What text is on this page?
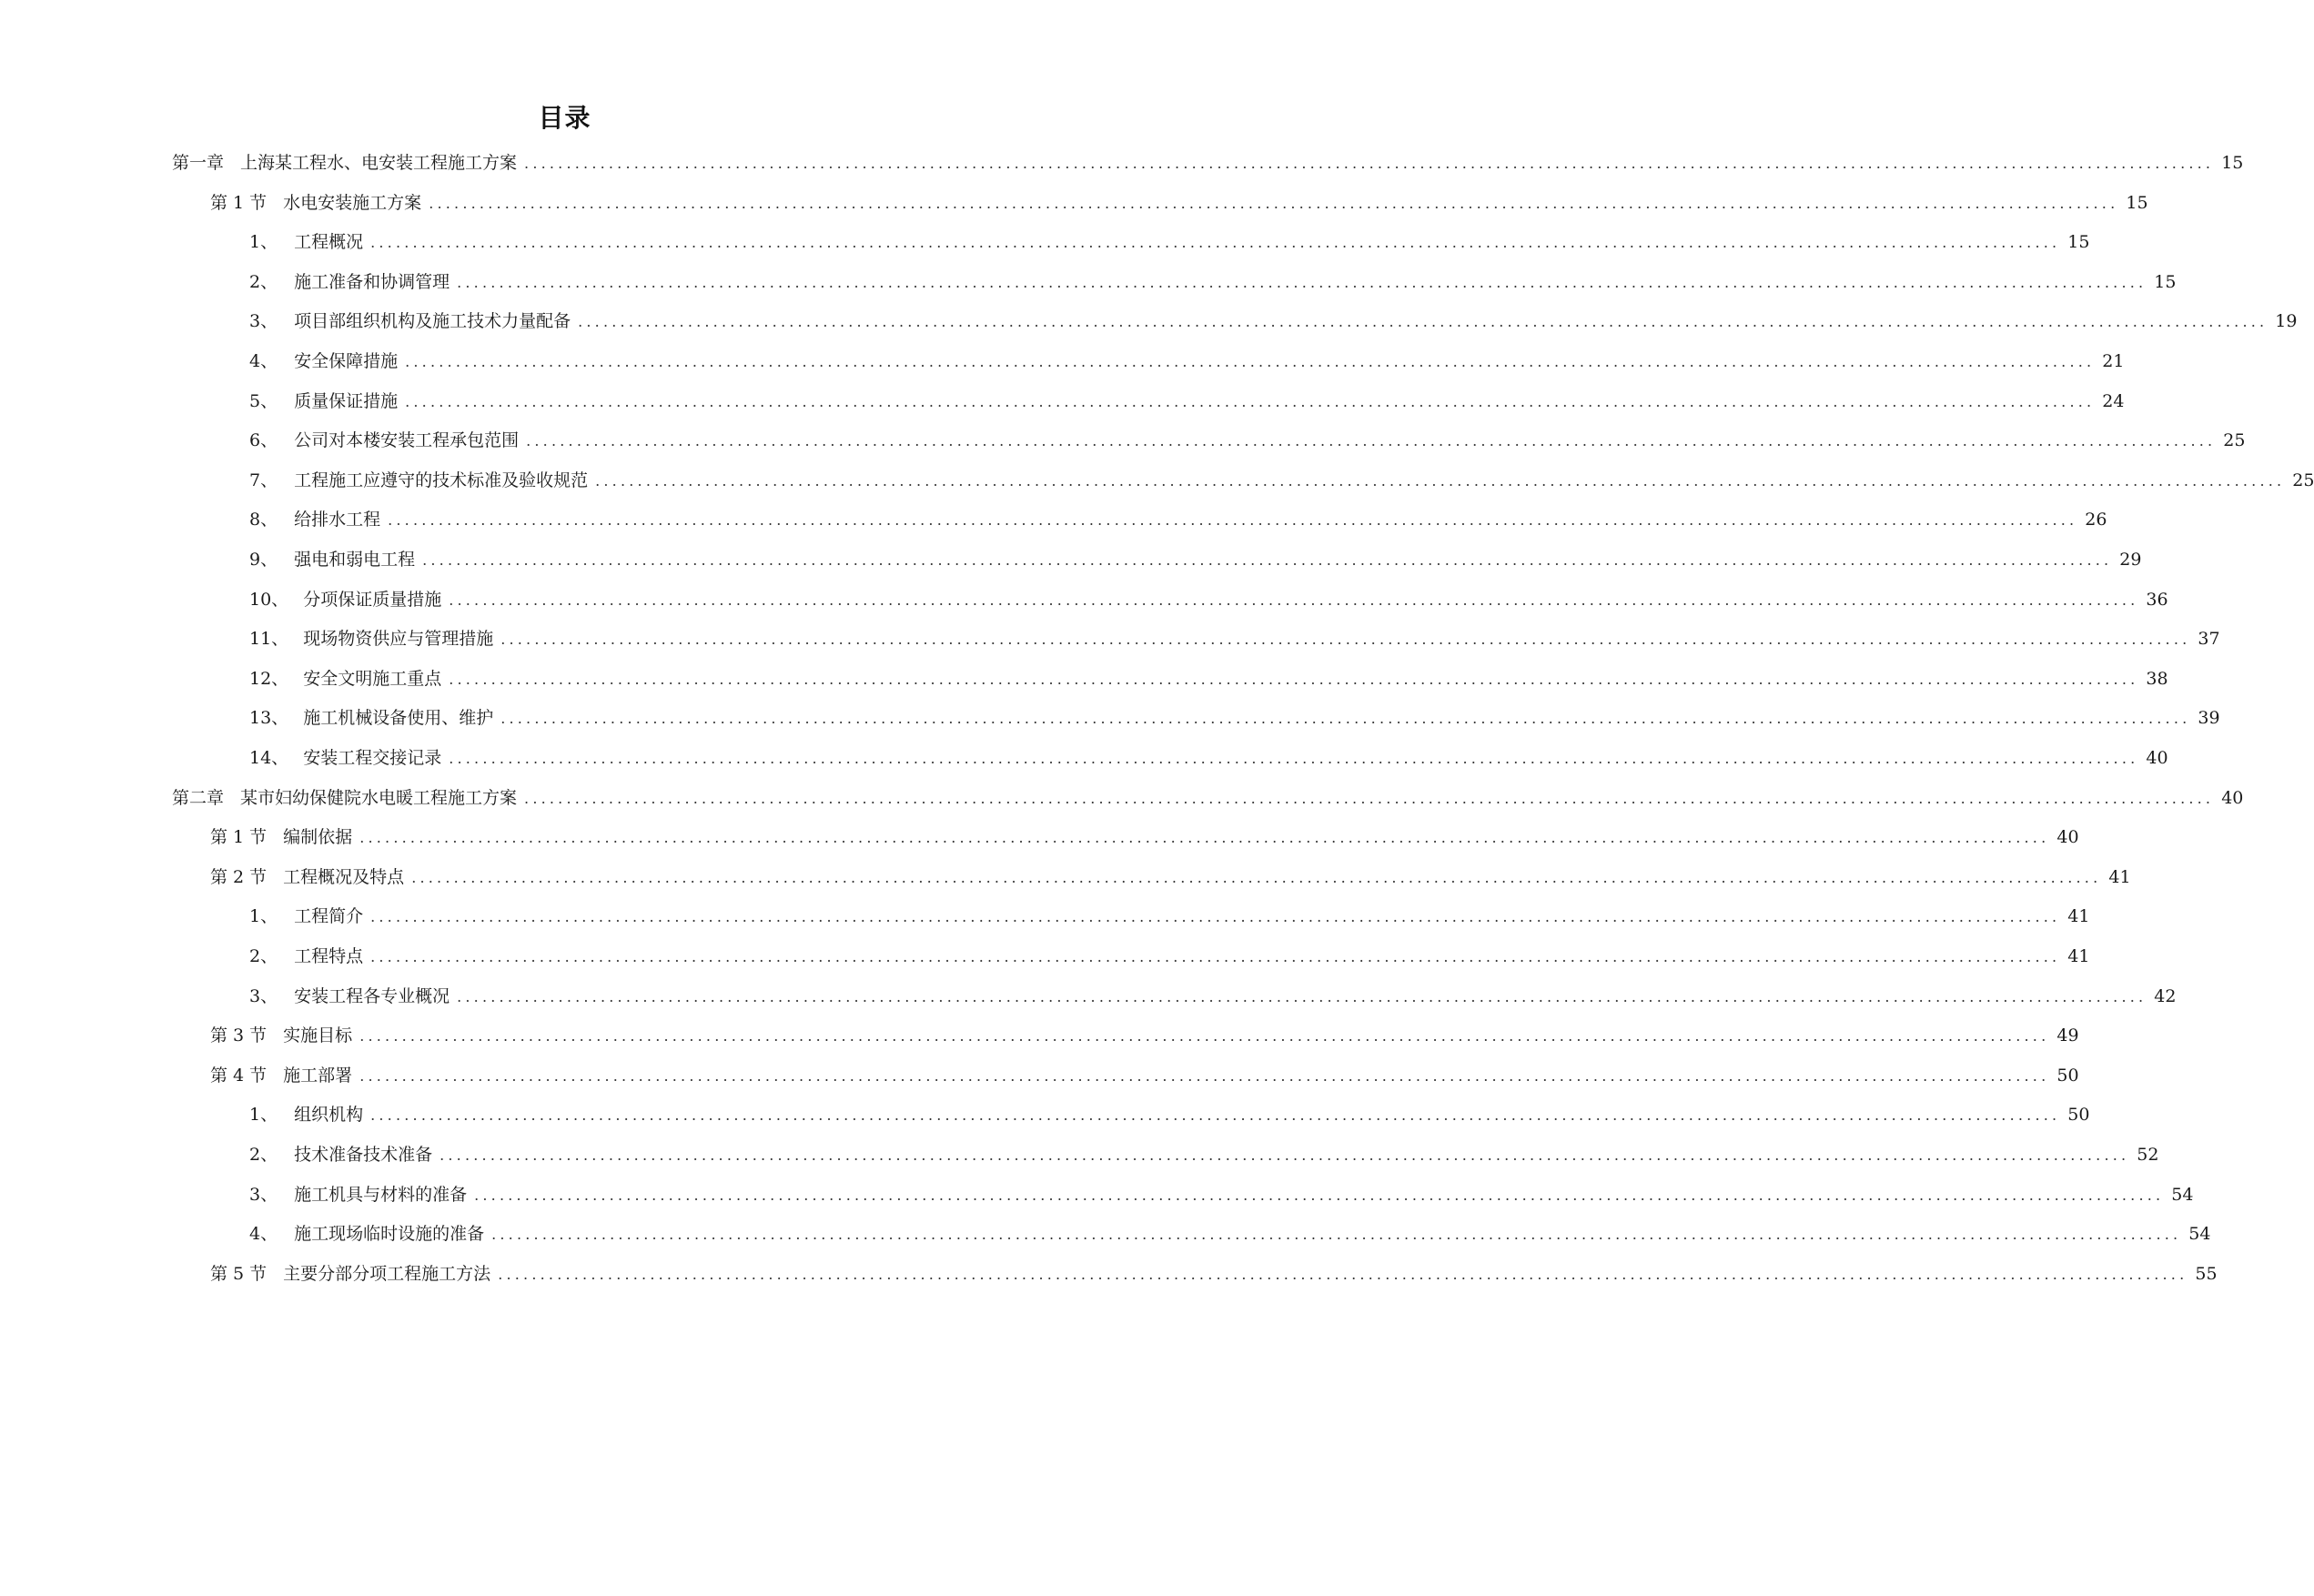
目录
第一章 上海某工程水、电安装工程施工方案 ........................................................................................................................................................................................................ 15
第 1 节 水电安装施工方案 ........................................................................................................................................................................................................ 15
1、 工程概况 ........................................................................................................................................................................................................ 15
2、 施工准备和协调管理 ........................................................................................................................................................................................................ 15
3、 项目部组织机构及施工技术力量配备 ........................................................................................................................................................................................................ 19
4、 安全保障措施 ........................................................................................................................................................................................................ 21
5、 质量保证措施 ........................................................................................................................................................................................................ 24
6、 公司对本楼安装工程承包范围 ........................................................................................................................................................................................................ 25
7、 工程施工应遵守的技术标准及验收规范 ........................................................................................................................................................................................................ 25
8、 给排水工程 ........................................................................................................................................................................................................ 26
9、 强电和弱电工程 ........................................................................................................................................................................................................ 29
10、 分项保证质量措施 ........................................................................................................................................................................................................ 36
11、 现场物资供应与管理措施 ........................................................................................................................................................................................................ 37
12、 安全文明施工重点 ........................................................................................................................................................................................................ 38
13、 施工机械设备使用、维护 ........................................................................................................................................................................................................ 39
14、 安装工程交接记录 ........................................................................................................................................................................................................ 40
第二章 某市妇幼保健院水电暖工程施工方案 ........................................................................................................................................................................................................ 40
第 1 节 编制依据 ........................................................................................................................................................................................................ 40
第 2 节 工程概况及特点 ........................................................................................................................................................................................................ 41
1、 工程简介 ........................................................................................................................................................................................................ 41
2、 工程特点 ........................................................................................................................................................................................................ 41
3、 安装工程各专业概况 ........................................................................................................................................................................................................ 42
第 3 节 实施目标 ........................................................................................................................................................................................................ 49
第 4 节 施工部署 ........................................................................................................................................................................................................ 50
1、 组织机构 ........................................................................................................................................................................................................ 50
2、 技术准备技术准备 ........................................................................................................................................................................................................ 52
3、 施工机具与材料的准备 ........................................................................................................................................................................................................ 54
4、 施工现场临时设施的准备 ........................................................................................................................................................................................................ 54
第 5 节 主要分部分项工程施工方法 ........................................................................................................................................................................................................ 55
